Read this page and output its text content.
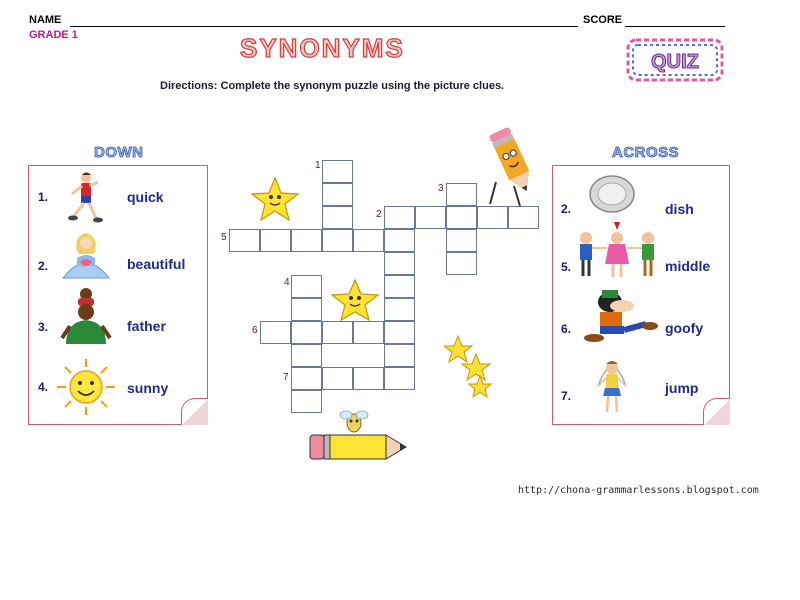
NAME	SCORE
GRADE 1	SYNONYMS	QUIZ
Directions: Complete the synonym puzzle using the picture clues.
DOWN
1.	quick
2.	beautiful
3.	father
4.	sunny
ACROSS
2.	dish
5.	middle
6.	goofy
7.	jump
1
2
3
4
5
6
7
http://chona-grammarlessons.blogspot.com
